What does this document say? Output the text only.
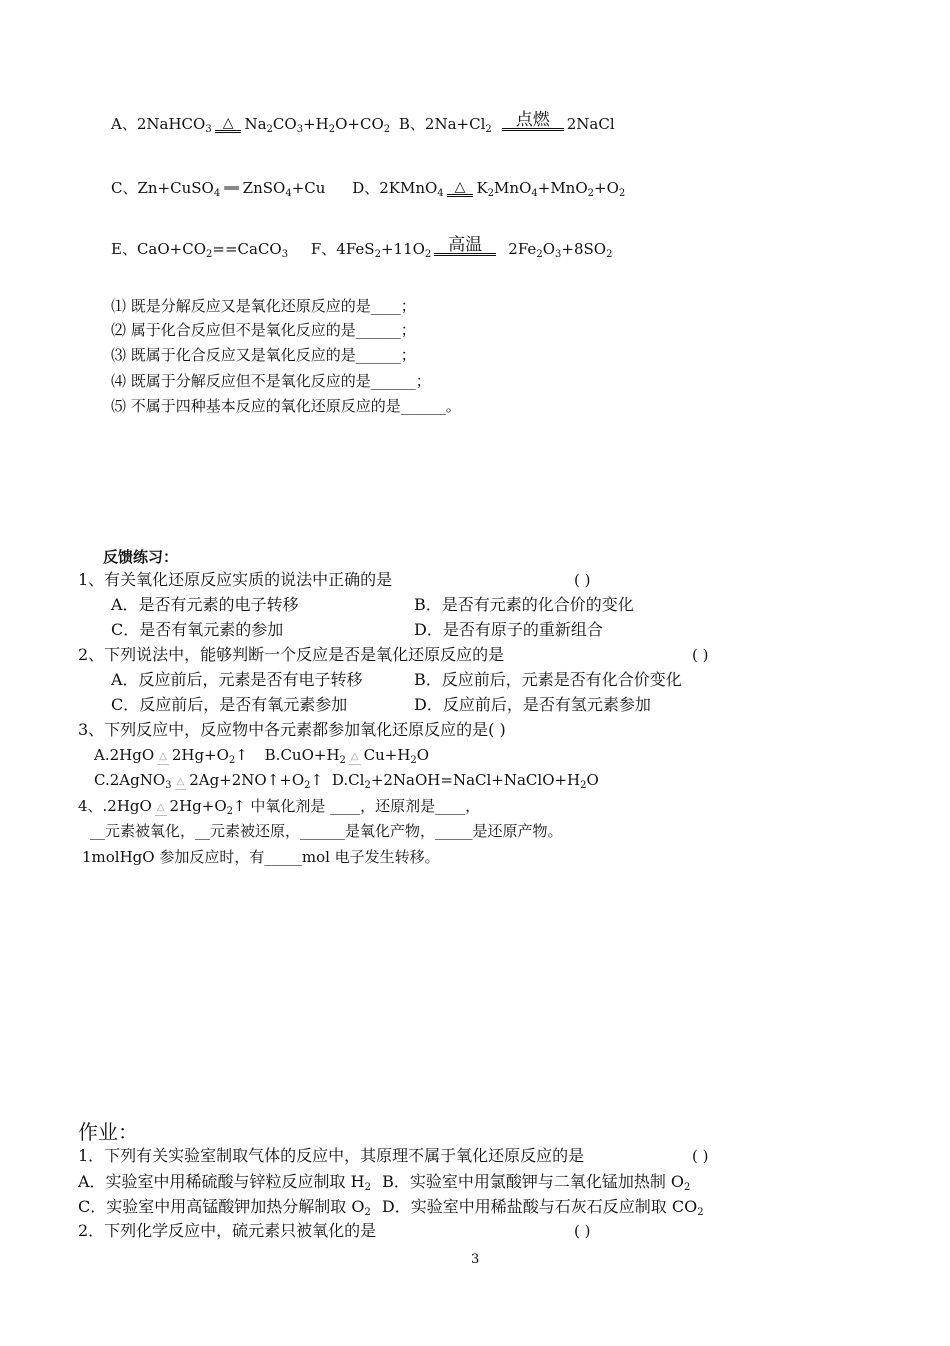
A、2NaHCO$_3$ △ $Na_2CO_3+H_2O+CO_2$ B、$2Na+Cl_2$ 点燃 2NaCl
C、Zn+CuSO$_4$ ══ ZnSO$_4$+Cu D、2KMnO$_4$ △ $K_2MnO_4+MnO_2+O_2$
E、$CaO+CO_2==CaCO_3$ F、$4FeS_2+11O_2$ 高温 $2Fe_2O_3+8SO_2$
⑴ 既是分解反应又是氧化还原反应的是____；
⑵ 属于化合反应但不是氧化反应的是______；
⑶ 既属于化合反应又是氧化反应的是______；
⑷ 既属于分解反应但不是氧化反应的是______；
⑸ 不属于四种基本反应的氧化还原反应的是______。
反馈练习：
1、有关氧化还原反应实质的说法中正确的是	( )
A．是否有元素的电子转移	B．是否有元素的化合价的变化
C．是否有氧元素的参加	D．是否有原子的重新组合
2、下列说法中，能够判断一个反应是否是氧化还原反应的是	( )
A．反应前后，元素是否有电子转移	B．反应前后，元素是否有化合价变化
C．反应前后，是否有氧元素参加	D．反应前后，是否有氢元素参加
3、下列反应中，反应物中各元素都参加氧化还原反应的是( )
A.2HgO △ $2Hg+O_2↑$ $B.CuO+H_2$ △ $Cu+H_2O$
C.2AgNO$_3$ △ $2Ag+2NO↑+O_2↑$ $D.Cl_2+2NaOH=NaCl+NaClO+H_2O$
4、.2HgO △ $2Hg+O_2↑$ 中氧化剂是 ____，还原剂是____，
__元素被氧化，__元素被还原，______是氧化产物，_____是还原产物。
1molHgO 参加反应时，有_____mol 电子发生转移。
作业：
1．下列有关实验室制取气体的反应中，其原理不属于氧化还原反应的是	( )
A．实验室中用稀硫酸与锌粒反应制取 $H_2$ B．实验室中用氯酸钾与二氧化锰加热制 $O_2$
C．实验室中用高锰酸钾加热分解制取 $O_2$ D．实验室中用稀盐酸与石灰石反应制取 $CO_2$
2．下列化学反应中，硫元素只被氧化的是	( )
3
